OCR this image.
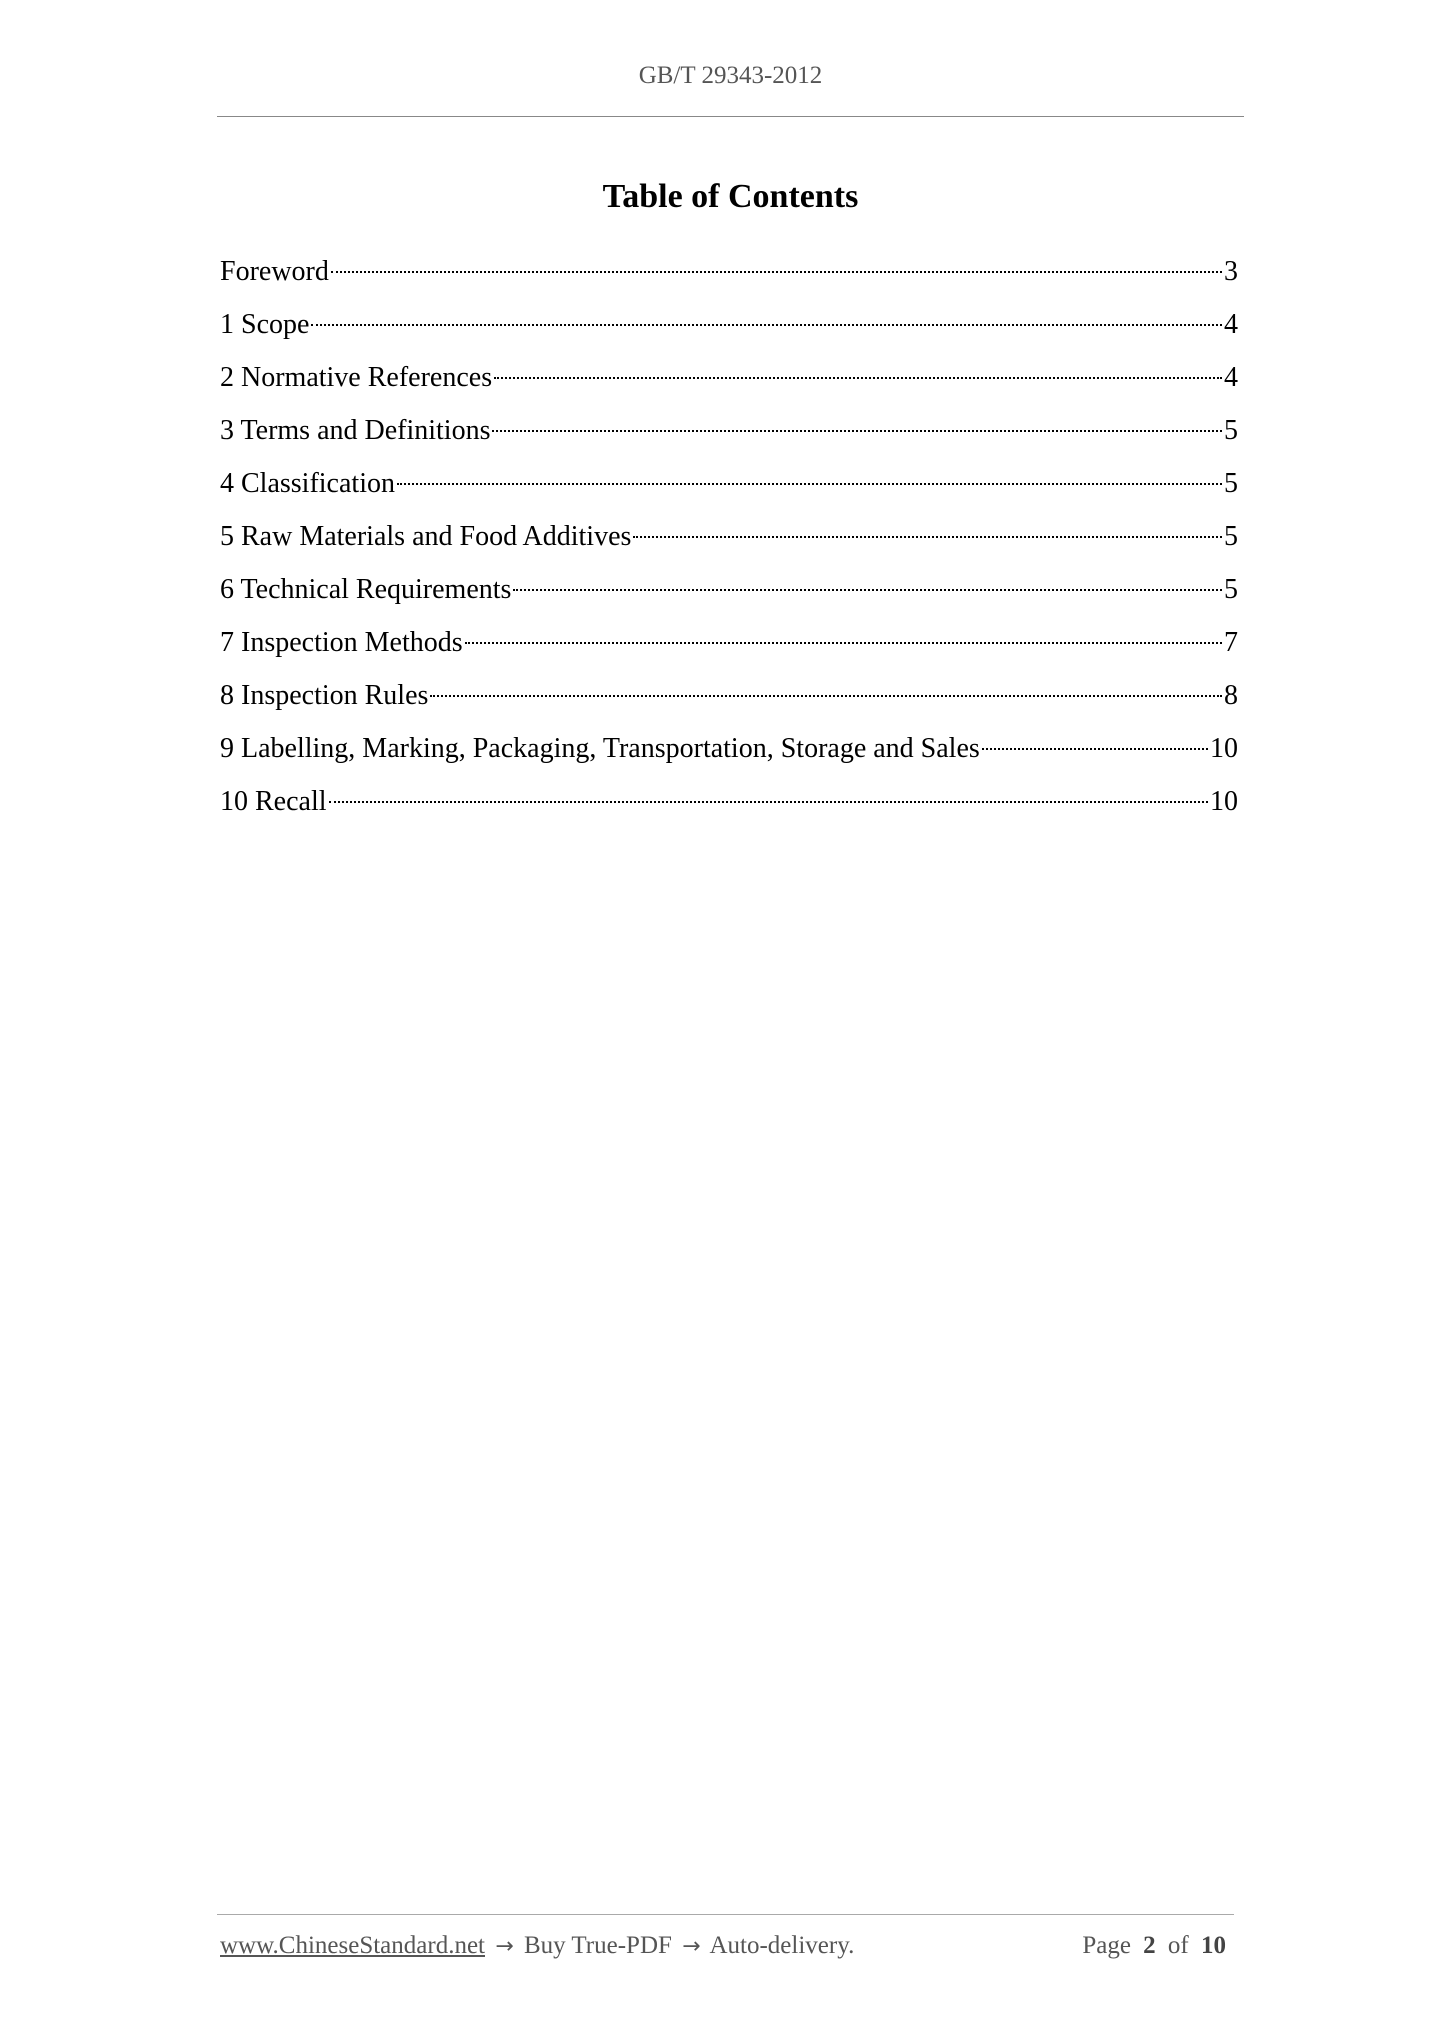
GB/T 29343-2012
Table of Contents
Foreword	3
1 Scope	4
2 Normative References	4
3 Terms and Definitions	5
4 Classification	5
5 Raw Materials and Food Additives	5
6 Technical Requirements	5
7 Inspection Methods	7
8 Inspection Rules	8
9 Labelling, Marking, Packaging, Transportation, Storage and Sales	10
10 Recall	10
www.ChineseStandard.net → Buy True-PDF → Auto-delivery.	Page 2 of 10
